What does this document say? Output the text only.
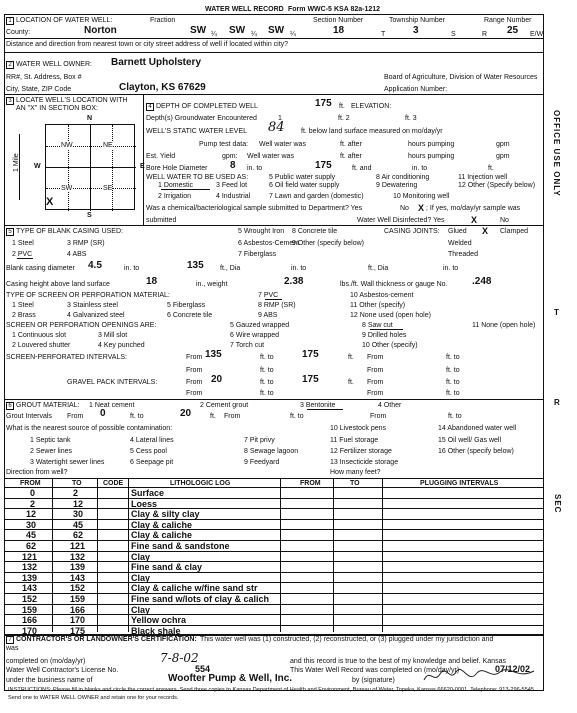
WATER WELL RECORD Form WWC-5 KSA 82a-1212
1 LOCATION OF WATER WELL:	Fraction	Section Number	Township Number	Range Number
County:	Norton	SW ¼ SW ¼ SW ¼	18	T	3	S	R 25 E/W
Distance and direction from nearest town or city street address of well if located within city?
2 WATER WELL OWNER: Barnett Upholstery
RR#, St. Address, Box #	Board of Agriculture, Division of Water Resources
City, State, ZIP Code	Clayton, KS 67629	Application Number:
3 LOCATE WELL'S LOCATION WITH
AN "X" IN SECTION BOX:
N
S
W	E
NW	NE
SW	SE
X
1 Mile
4 DEPTH OF COMPLETED WELL	175 ft. ELEVATION:
Depth(s) Groundwater Encountered	1	ft. 2	ft. 3
WELL'S STATIC WATER LEVEL 84 ft. below land surface measured on mo/day/yr
Pump test data: Well water was	ft. after	hours pumping	gpm
Est. Yield	gpm: Well water was	ft. after	hours pumping	gpm
Bore Hole Diameter 8 in. to	175	ft. and	in. to	ft.
WELL WATER TO BE USED AS:
1 Domestic	3 Feed lot
5 Public water supply	8 Air conditioning	11 Injection well
2 Irrigation	4 Industrial
6 Oil field water supply	9 Dewatering	12 Other (Specify below)
7 Lawn and garden (domestic)	10 Monitoring well
Was a chemical/bacteriological sample submitted to Department? Yes	No X ; If yes, mo/day/yr sample was
submitted	Water Well Disinfected? Yes	X	No
5 TYPE OF BLANK CASING USED:
1 Steel	3 RMP (SR)
5 Wrought Iron 8 Concrete tile
2 PVC	4 ABS
6 Asbestos-Cement
7 Fiberglass
9 Other (specify below)
CASING JOINTS: Glued X Clamped
Welded
Threaded
Blank casing diameter 4.5	in. to	135 ft., Dia	in. to	ft., Dia	in. to
Casing height above land surface	18	in., weight	2.38	lbs./ft. Wall thickness or gauge No. .248
TYPE OF SCREEN OR PERFORATION MATERIAL:
1 Steel	3 Stainless steel	5 Fiberglass
7 PVC	10 Asbestos-cement
2 Brass	4 Galvanized steel	6 Concrete tile
8 RMP (SR)	11 Other (specify)
9 ABS	12 None used (open hole)
SCREEN OR PERFORATION OPENINGS ARE:
1 Continuous slot	3 Mill slot
5 Gauzed wrapped	8 Saw cut	11 None (open hole)
2 Louvered shutter	4 Key punched
6 Wire wrapped	9 Drilled holes
7 Torch cut	10 Other (specify)
SCREEN-PERFORATED INTERVALS:	From 135	ft. to	175	ft. From	ft. to
From	ft. to	From	ft. to
GRAVEL PACK INTERVALS:	From 20	ft. to	175	ft. From	ft. to
From	ft. to	From	ft. to
6 GROUT MATERIAL: 1 Neat cement	2 Cement grout	3 Bentonite	4 Other
Grout Intervals From 0	ft. to	20	ft. From	ft. to	From	ft. to
What is the nearest source of possible contamination:
1 Septic tank	4 Lateral lines	7 Pit privy
10 Livestock pens	14 Abandoned water well
2 Sewer lines	5 Cess pool	8 Sewage lagoon
11 Fuel storage	15 Oil well/ Gas well
3 Watertight sewer lines	6 Seepage pit	9 Feedyard
12 Fertilizer storage	16 Other (specify below)
13 Insecticide storage
Direction from well?	How many feet?
FROM	TO	CODE	LITHOLOGIC LOG	FROM	TO	PLUGGING INTERVALS
0	2	Surface
2	12	Loess
12	30	Clay & silty clay
30	45	Clay & caliche
45	62	Clay & caliche
62	121	Fine sand & sandstone
121	132	Clay
132	139	Fine sand & clay
139	143	Clay
143	152	Clay & caliche w/fine sand str
152	159	Fine sand w/lots of clay & calich
159	166	Clay
166	170	Yellow ochra
170	175	Black shale
7 CONTRACTOR'S OR LANDOWNER'S CERTIFICATION: This water well was (1) constructed, (2) reconstructed, or (3) plugged under my jurisdiction and
was
completed on (mo/day/yr)	7-8-02	and this record is true to the best of my knowledge and belief. Kansas
Water Well Contractor's License No.	554	This Water Well Record was completed on (mo/day/yr)	07/12/02
under the business name of	Woofter Pump & Well, Inc.	by (signature)
INSTRUCTIONS: Please fill in blanks and circle the correct answers. Send three copies to Kansas Department of Health and Environment, Bureau of Water, Topeka, Kansas 66620-0001. Telephone: 913-296-5545. Send one to WATER WELL OWNER and retain one for your records.
OFFICE USE ONLY
T
R
SEC
